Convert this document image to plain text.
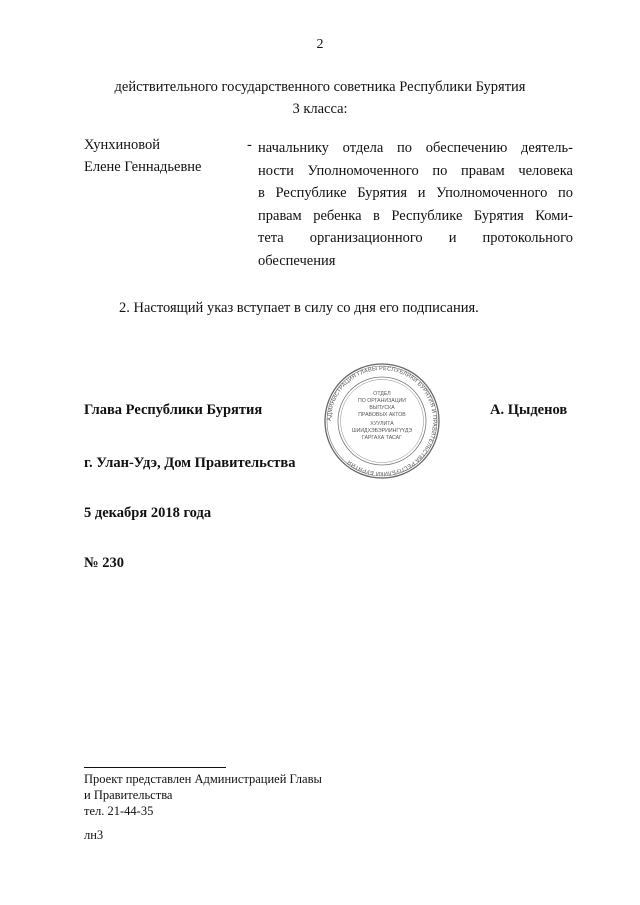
2
действительного государственного советника Республики Бурятия
3 класса:
Хунхиновой
Елене Геннадьевне
- начальнику отдела по обеспечению деятель-
ности Уполномоченного по правам человека
в Республике Бурятия и Уполномоченного по
правам ребенка в Республике Бурятия Коми-
тета организационного и протокольного
обеспечения
2. Настоящий указ вступает в силу со дня его подписания.
Глава Республики Бурятия	А. Цыденов
АДМИНИСТРАЦИЯ ГЛАВЫ РЕСПУБЛИКИ БУРЯТИЯ И ПРАВИТЕЛЬСТВА РЕСПУБЛИКИ БУРЯТИЯ
ОТДЕЛ
ПО ОРГАНИЗАЦИИ
ВЫПУСКА
ПРАВОВЫХ АКТОВ
ХУУЛИТА
ШИИДХЭБЭРИИНГҮҮДЭ
ГАРГАХА ТАСАГ
г. Улан-Удэ, Дом Правительства
5 декабря 2018 года
№ 230
Проект представлен Администрацией Главы
и Правительства
тел. 21-44-35
лн3
